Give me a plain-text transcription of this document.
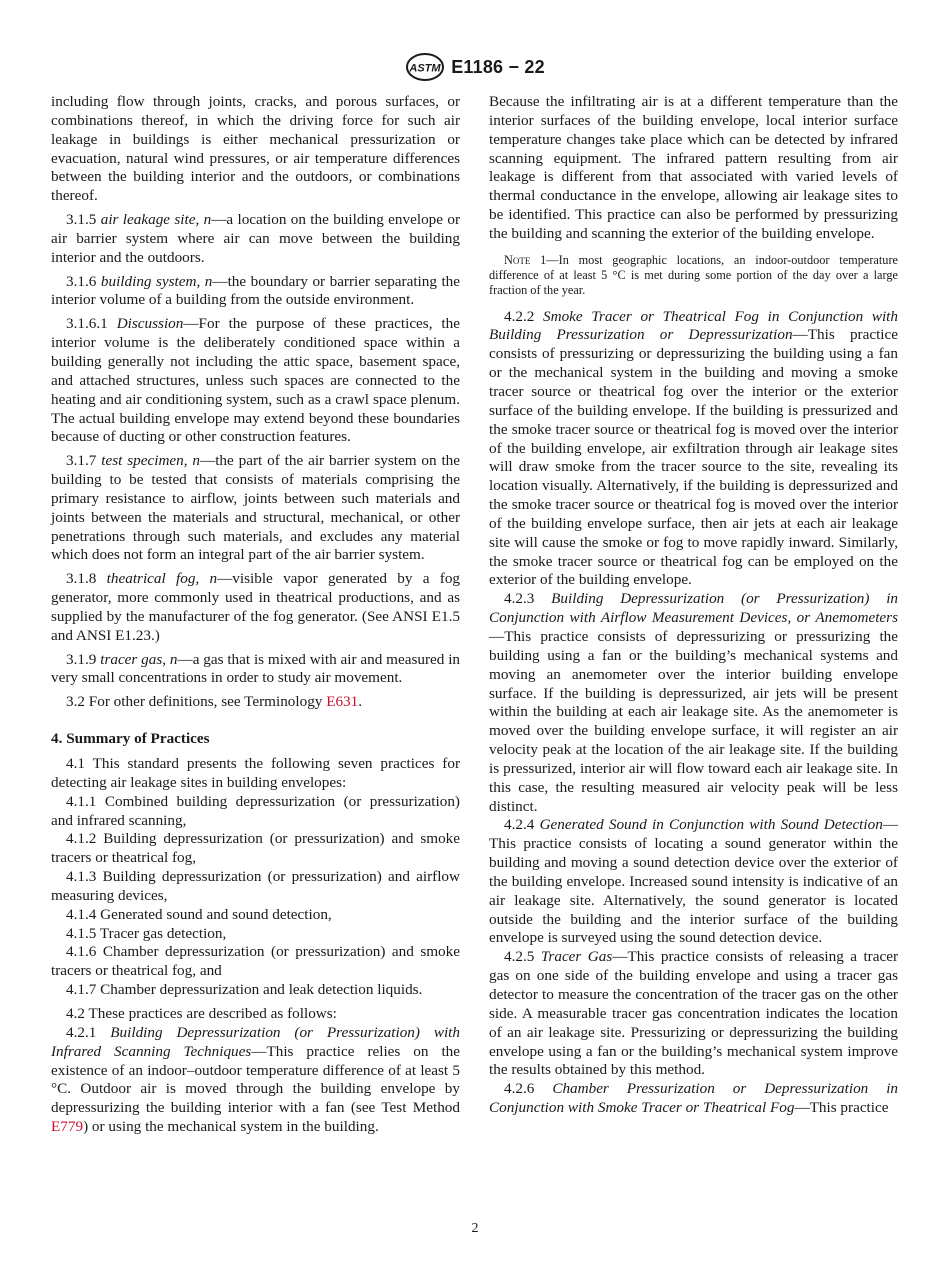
ASTM E1186 − 22

including flow through joints, cracks, and porous surfaces, or combinations thereof, in which the driving force for such air leakage in buildings is either mechanical pressurization or evacuation, natural wind pressures, or air temperature differences between the building interior and the outdoors, or combinations thereof.

3.1.5 air leakage site, n—a location on the building envelope or air barrier system where air can move between the building interior and the outdoors.

3.1.6 building system, n—the boundary or barrier separating the interior volume of a building from the outside environment.

3.1.6.1 Discussion—For the purpose of these practices, the interior volume is the deliberately conditioned space within a building generally not including the attic space, basement space, and attached structures, unless such spaces are connected to the heating and air conditioning system, such as a crawl space plenum. The actual building envelope may extend beyond these boundaries because of ducting or other construction features.

3.1.7 test specimen, n—the part of the air barrier system on the building to be tested that consists of materials comprising the primary resistance to airflow, joints between such materials and joints between the materials and structural, mechanical, or other penetrations through such materials, and excludes any material which does not form an integral part of the air barrier system.

3.1.8 theatrical fog, n—visible vapor generated by a fog generator, more commonly used in theatrical productions, and as supplied by the manufacturer of the fog generator. (See ANSI E1.5 and ANSI E1.23.)

3.1.9 tracer gas, n—a gas that is mixed with air and measured in very small concentrations in order to study air movement.

3.2 For other definitions, see Terminology E631.

4. Summary of Practices

4.1 This standard presents the following seven practices for detecting air leakage sites in building envelopes:

4.1.1 Combined building depressurization (or pressurization) and infrared scanning,

4.1.2 Building depressurization (or pressurization) and smoke tracers or theatrical fog,

4.1.3 Building depressurization (or pressurization) and airflow measuring devices,

4.1.4 Generated sound and sound detection,

4.1.5 Tracer gas detection,

4.1.6 Chamber depressurization (or pressurization) and smoke tracers or theatrical fog, and

4.1.7 Chamber depressurization and leak detection liquids.

4.2 These practices are described as follows:

4.2.1 Building Depressurization (or Pressurization) with Infrared Scanning Techniques—This practice relies on the existence of an indoor–outdoor temperature difference of at least 5 °C. Outdoor air is moved through the building envelope by depressurizing the building interior with a fan (see Test Method E779) or using the mechanical system in the building.

Because the infiltrating air is at a different temperature than the interior surfaces of the building envelope, local interior surface temperature changes take place which can be detected by infrared scanning equipment. The infrared pattern resulting from air leakage is different from that associated with varied levels of thermal conductance in the envelope, allowing air leakage sites to be identified. This practice can also be performed by pressurizing the building and scanning the exterior of the building envelope.

Note 1—In most geographic locations, an indoor-outdoor temperature difference of at least 5 °C is met during some portion of the day over a large fraction of the year.

4.2.2 Smoke Tracer or Theatrical Fog in Conjunction with Building Pressurization or Depressurization—This practice consists of pressurizing or depressurizing the building using a fan or the mechanical system in the building and moving a smoke tracer source or theatrical fog over the interior or the exterior surface of the building envelope. If the building is pressurized and the smoke tracer source or theatrical fog is moved over the interior of the building envelope, air exfiltration through air leakage sites will draw smoke from the tracer source to the site, revealing its location visually. Alternatively, if the building is depressurized and the smoke tracer source or theatrical fog is moved over the interior of the building envelope surface, then air jets at each air leakage site will cause the smoke or fog to move rapidly inward. Similarly, the smoke tracer source or theatrical fog can be employed on the exterior of the building envelope.

4.2.3 Building Depressurization (or Pressurization) in Conjunction with Airflow Measurement Devices, or Anemometers—This practice consists of depressurizing or pressurizing the building using a fan or the building’s mechanical systems and moving an anemometer over the interior building envelope surface. If the building is depressurized, air jets will be present within the building at each air leakage site. As the anemometer is moved over the building envelope surface, it will register an air velocity peak at the location of the air leakage site. If the building is pressurized, interior air will flow toward each air leakage site. In this case, the resulting measured air velocity peak will be less distinct.

4.2.4 Generated Sound in Conjunction with Sound Detection—This practice consists of locating a sound generator within the building and moving a sound detection device over the exterior of the building envelope. Increased sound intensity is indicative of an air leakage site. Alternatively, the sound generator is located outside the building and the interior surface of the building envelope is surveyed using the sound detection device.

4.2.5 Tracer Gas—This practice consists of releasing a tracer gas on one side of the building envelope and using a tracer gas detector to measure the concentration of the tracer gas on the other side. A measurable tracer gas concentration indicates the location of an air leakage site. Pressurizing or depressurizing the building envelope using a fan or the building’s mechanical system improve the results obtained by this method.

4.2.6 Chamber Pressurization or Depressurization in Conjunction with Smoke Tracer or Theatrical Fog—This practice

2
